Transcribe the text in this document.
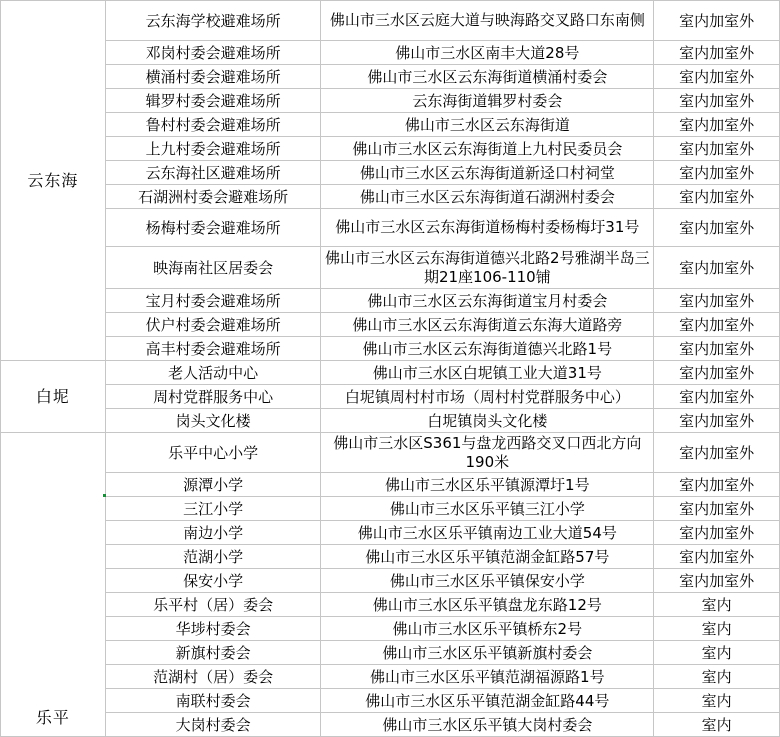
云东海	云东海学校避难场所	佛山市三水区云庭大道与映海路交叉路口东南侧	室内加室外
	邓岗村委会避难场所	佛山市三水区南丰大道28号	室内加室外
	横涌村委会避难场所	佛山市三水区云东海街道横涌村委会	室内加室外
	辑罗村委会避难场所	云东海街道辑罗村委会	室内加室外
	鲁村村委会避难场所	佛山市三水区云东海街道	室内加室外
	上九村委会避难场所	佛山市三水区云东海街道上九村民委员会	室内加室外
	云东海社区避难场所	佛山市三水区云东海街道新迳口村祠堂	室内加室外
	石湖洲村委会避难场所	佛山市三水区云东海街道石湖洲村委会	室内加室外
	杨梅村委会避难场所	佛山市三水区云东海街道杨梅村委杨梅圩31号	室内加室外
	映海南社区居委会	佛山市三水区云东海街道德兴北路2号雅湖半岛三期21座106-110铺	室内加室外
	宝月村委会避难场所	佛山市三水区云东海街道宝月村委会	室内加室外
	伏户村委会避难场所	佛山市三水区云东海街道云东海大道路旁	室内加室外
	高丰村委会避难场所	佛山市三水区云东海街道德兴北路1号	室内加室外
白坭	老人活动中心	佛山市三水区白坭镇工业大道31号	室内加室外
	周村党群服务中心	白坭镇周村村市场（周村村党群服务中心）	室内加室外
	岗头文化楼	白坭镇岗头文化楼	室内加室外
乐平	乐平中心小学	佛山市三水区S361与盘龙西路交叉口西北方向190米	室内加室外
	源潭小学	佛山市三水区乐平镇源潭圩1号	室内加室外
	三江小学	佛山市三水区乐平镇三江小学	室内加室外
	南边小学	佛山市三水区乐平镇南边工业大道54号	室内加室外
	范湖小学	佛山市三水区乐平镇范湖金缸路57号	室内加室外
	保安小学	佛山市三水区乐平镇保安小学	室内加室外
	乐平村（居）委会	佛山市三水区乐平镇盘龙东路12号	室内
	华埗村委会	佛山市三水区乐平镇桥东2号	室内
	新旗村委会	佛山市三水区乐平镇新旗村委会	室内
	范湖村（居）委会	佛山市三水区乐平镇范湖福源路1号	室内
	南联村委会	佛山市三水区乐平镇范湖金缸路44号	室内
	大岗村委会	佛山市三水区乐平镇大岗村委会	室内
